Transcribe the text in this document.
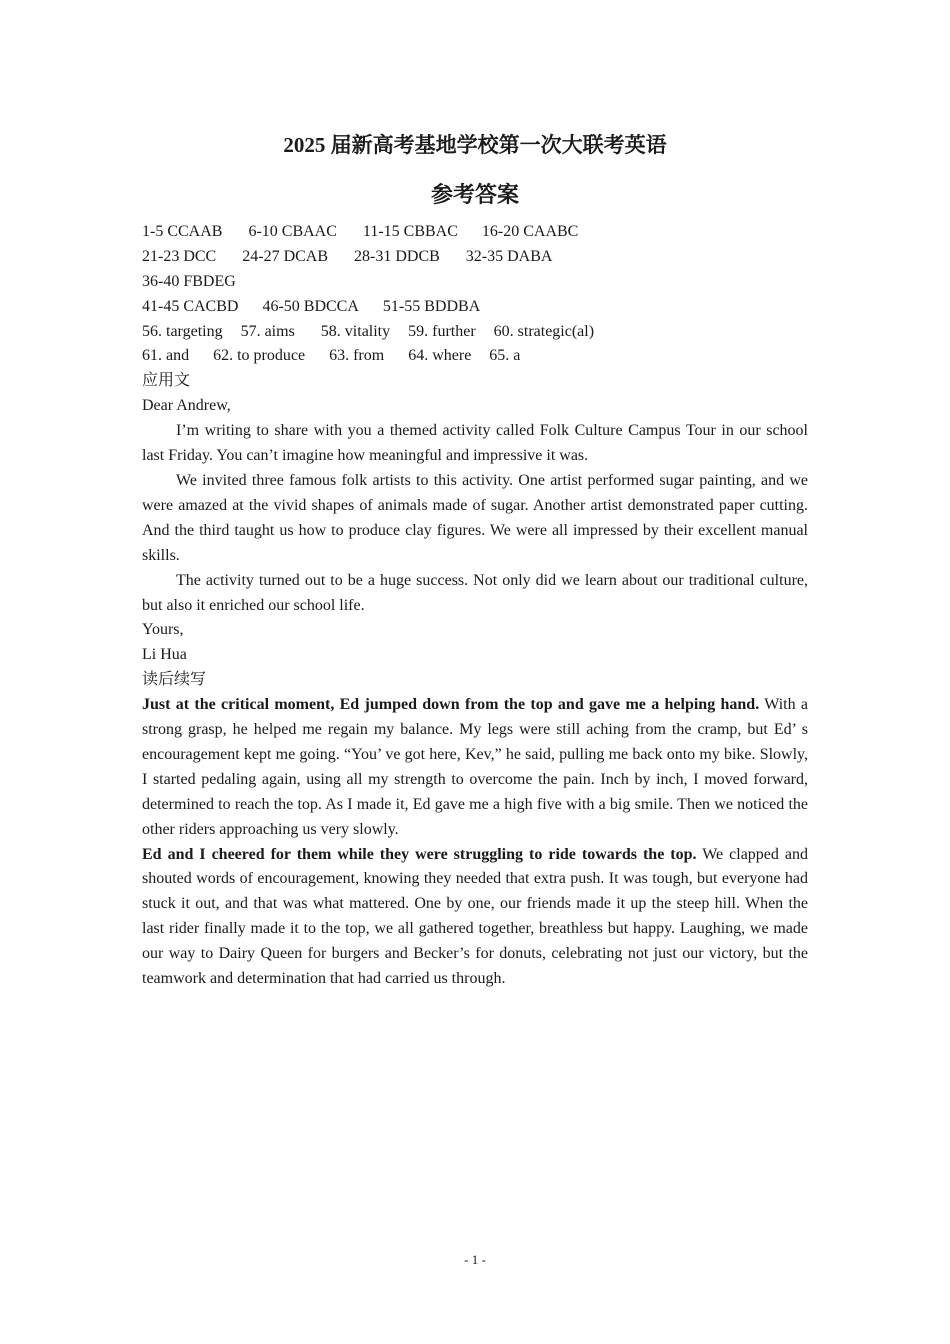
2025 届新高考基地学校第一次大联考英语
参考答案
1-5 CCAAB 6-10 CBAAC 11-15 CBBAC 16-20 CAABC
21-23 DCC 24-27 DCAB 28-31 DDCB 32-35 DABA
36-40 FBDEG
41-45 CACBD 46-50 BDCCA 51-55 BDDBA
56. targeting 57. aims 58. vitality 59. further 60. strategic(al)
61. and 62. to produce 63. from 64. where 65. a
应用文
Dear Andrew,

I’m writing to share with you a themed activity called Folk Culture Campus Tour in our school last Friday. You can’t imagine how meaningful and impressive it was.

We invited three famous folk artists to this activity. One artist performed sugar painting, and we were amazed at the vivid shapes of animals made of sugar. Another artist demonstrated paper cutting. And the third taught us how to produce clay figures. We were all impressed by their excellent manual skills.

The activity turned out to be a huge success. Not only did we learn about our traditional culture, but also it enriched our school life.

Yours,
Li Hua
读后续写

Just at the critical moment, Ed jumped down from the top and gave me a helping hand. With a strong grasp, he helped me regain my balance. My legs were still aching from the cramp, but Ed’ s encouragement kept me going. “You’ ve got here, Kev,” he said, pulling me back onto my bike. Slowly, I started pedaling again, using all my strength to overcome the pain. Inch by inch, I moved forward, determined to reach the top. As I made it, Ed gave me a high five with a big smile. Then we noticed the other riders approaching us very slowly.

Ed and I cheered for them while they were struggling to ride towards the top. We clapped and shouted words of encouragement, knowing they needed that extra push. It was tough, but everyone had stuck it out, and that was what mattered. One by one, our friends made it up the steep hill. When the last rider finally made it to the top, we all gathered together, breathless but happy. Laughing, we made our way to Dairy Queen for burgers and Becker’s for donuts, celebrating not just our victory, but the teamwork and determination that had carried us through.

- 1 -
